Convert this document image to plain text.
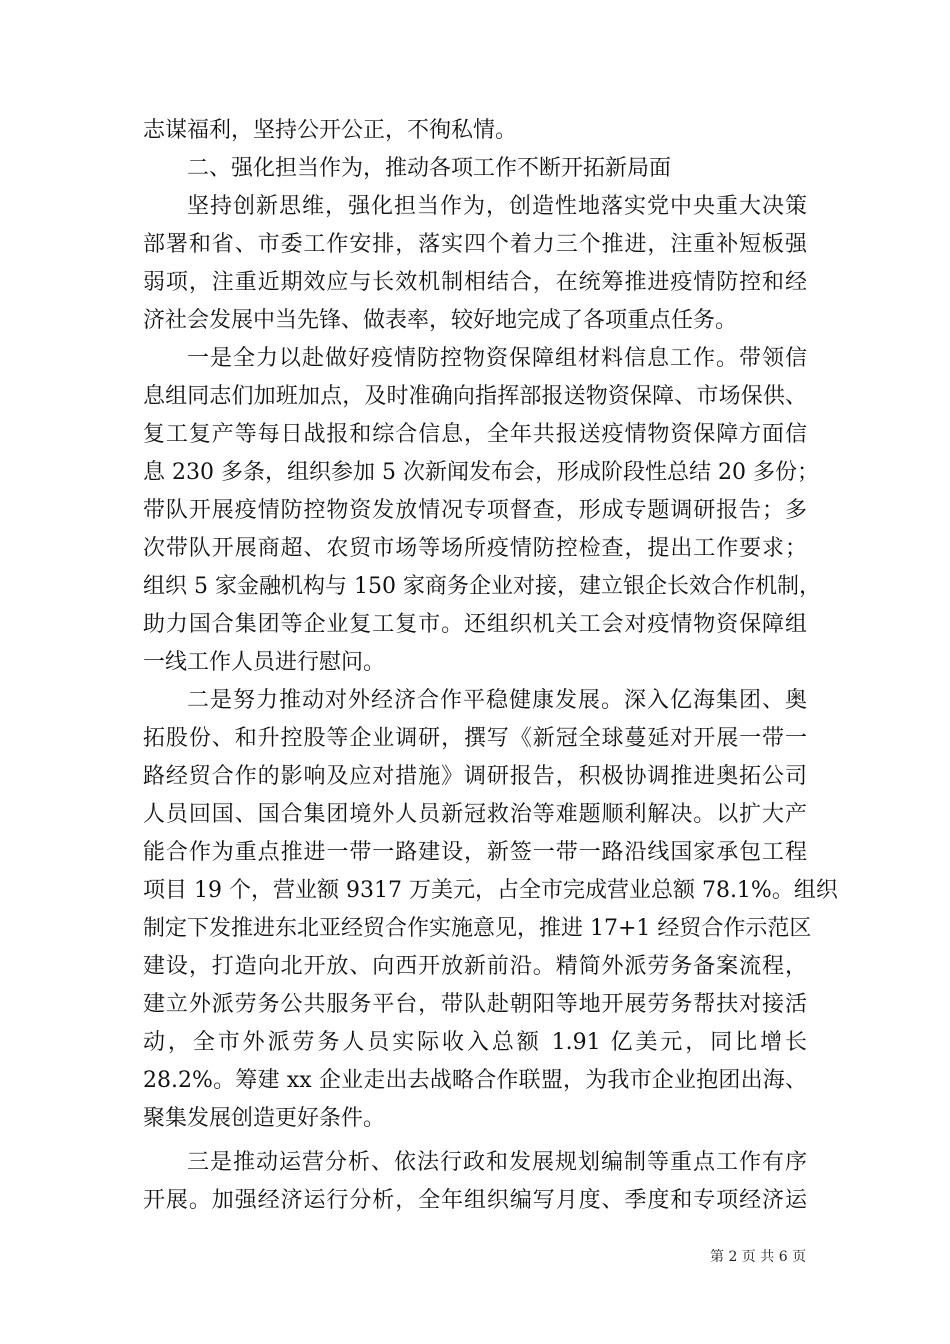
志谋福利，坚持公开公正，不徇私情。
二、强化担当作为，推动各项工作不断开拓新局面
坚持创新思维，强化担当作为，创造性地落实党中央重大决策
部署和省、市委工作安排，落实四个着力三个推进，注重补短板强
弱项，注重近期效应与长效机制相结合，在统筹推进疫情防控和经
济社会发展中当先锋、做表率，较好地完成了各项重点任务。
一是全力以赴做好疫情防控物资保障组材料信息工作。带领信
息组同志们加班加点，及时准确向指挥部报送物资保障、市场保供、
复工复产等每日战报和综合信息，全年共报送疫情物资保障方面信
息 230 多条，组织参加 5 次新闻发布会，形成阶段性总结 20 多份；
带队开展疫情防控物资发放情况专项督查，形成专题调研报告；多
次带队开展商超、农贸市场等场所疫情防控检查，提出工作要求；
组织 5 家金融机构与 150 家商务企业对接，建立银企长效合作机制，
助力国合集团等企业复工复市。还组织机关工会对疫情物资保障组
一线工作人员进行慰问。
二是努力推动对外经济合作平稳健康发展。深入亿海集团、奥
拓股份、和升控股等企业调研，撰写《新冠全球蔓延对开展一带一
路经贸合作的影响及应对措施》调研报告，积极协调推进奥拓公司
人员回国、国合集团境外人员新冠救治等难题顺利解决。以扩大产
能合作为重点推进一带一路建设，新签一带一路沿线国家承包工程
项目 19 个，营业额 9317 万美元，占全市完成营业总额 78.1%。组织
制定下发推进东北亚经贸合作实施意见，推进 17+1 经贸合作示范区
建设，打造向北开放、向西开放新前沿。精简外派劳务备案流程，
建立外派劳务公共服务平台，带队赴朝阳等地开展劳务帮扶对接活
动，全市外派劳务人员实际收入总额 1.91 亿美元，同比增长
28.2%。筹建 xx 企业走出去战略合作联盟，为我市企业抱团出海、
聚集发展创造更好条件。
三是推动运营分析、依法行政和发展规划编制等重点工作有序
开展。加强经济运行分析，全年组织编写月度、季度和专项经济运
第 2 页 共 6 页
